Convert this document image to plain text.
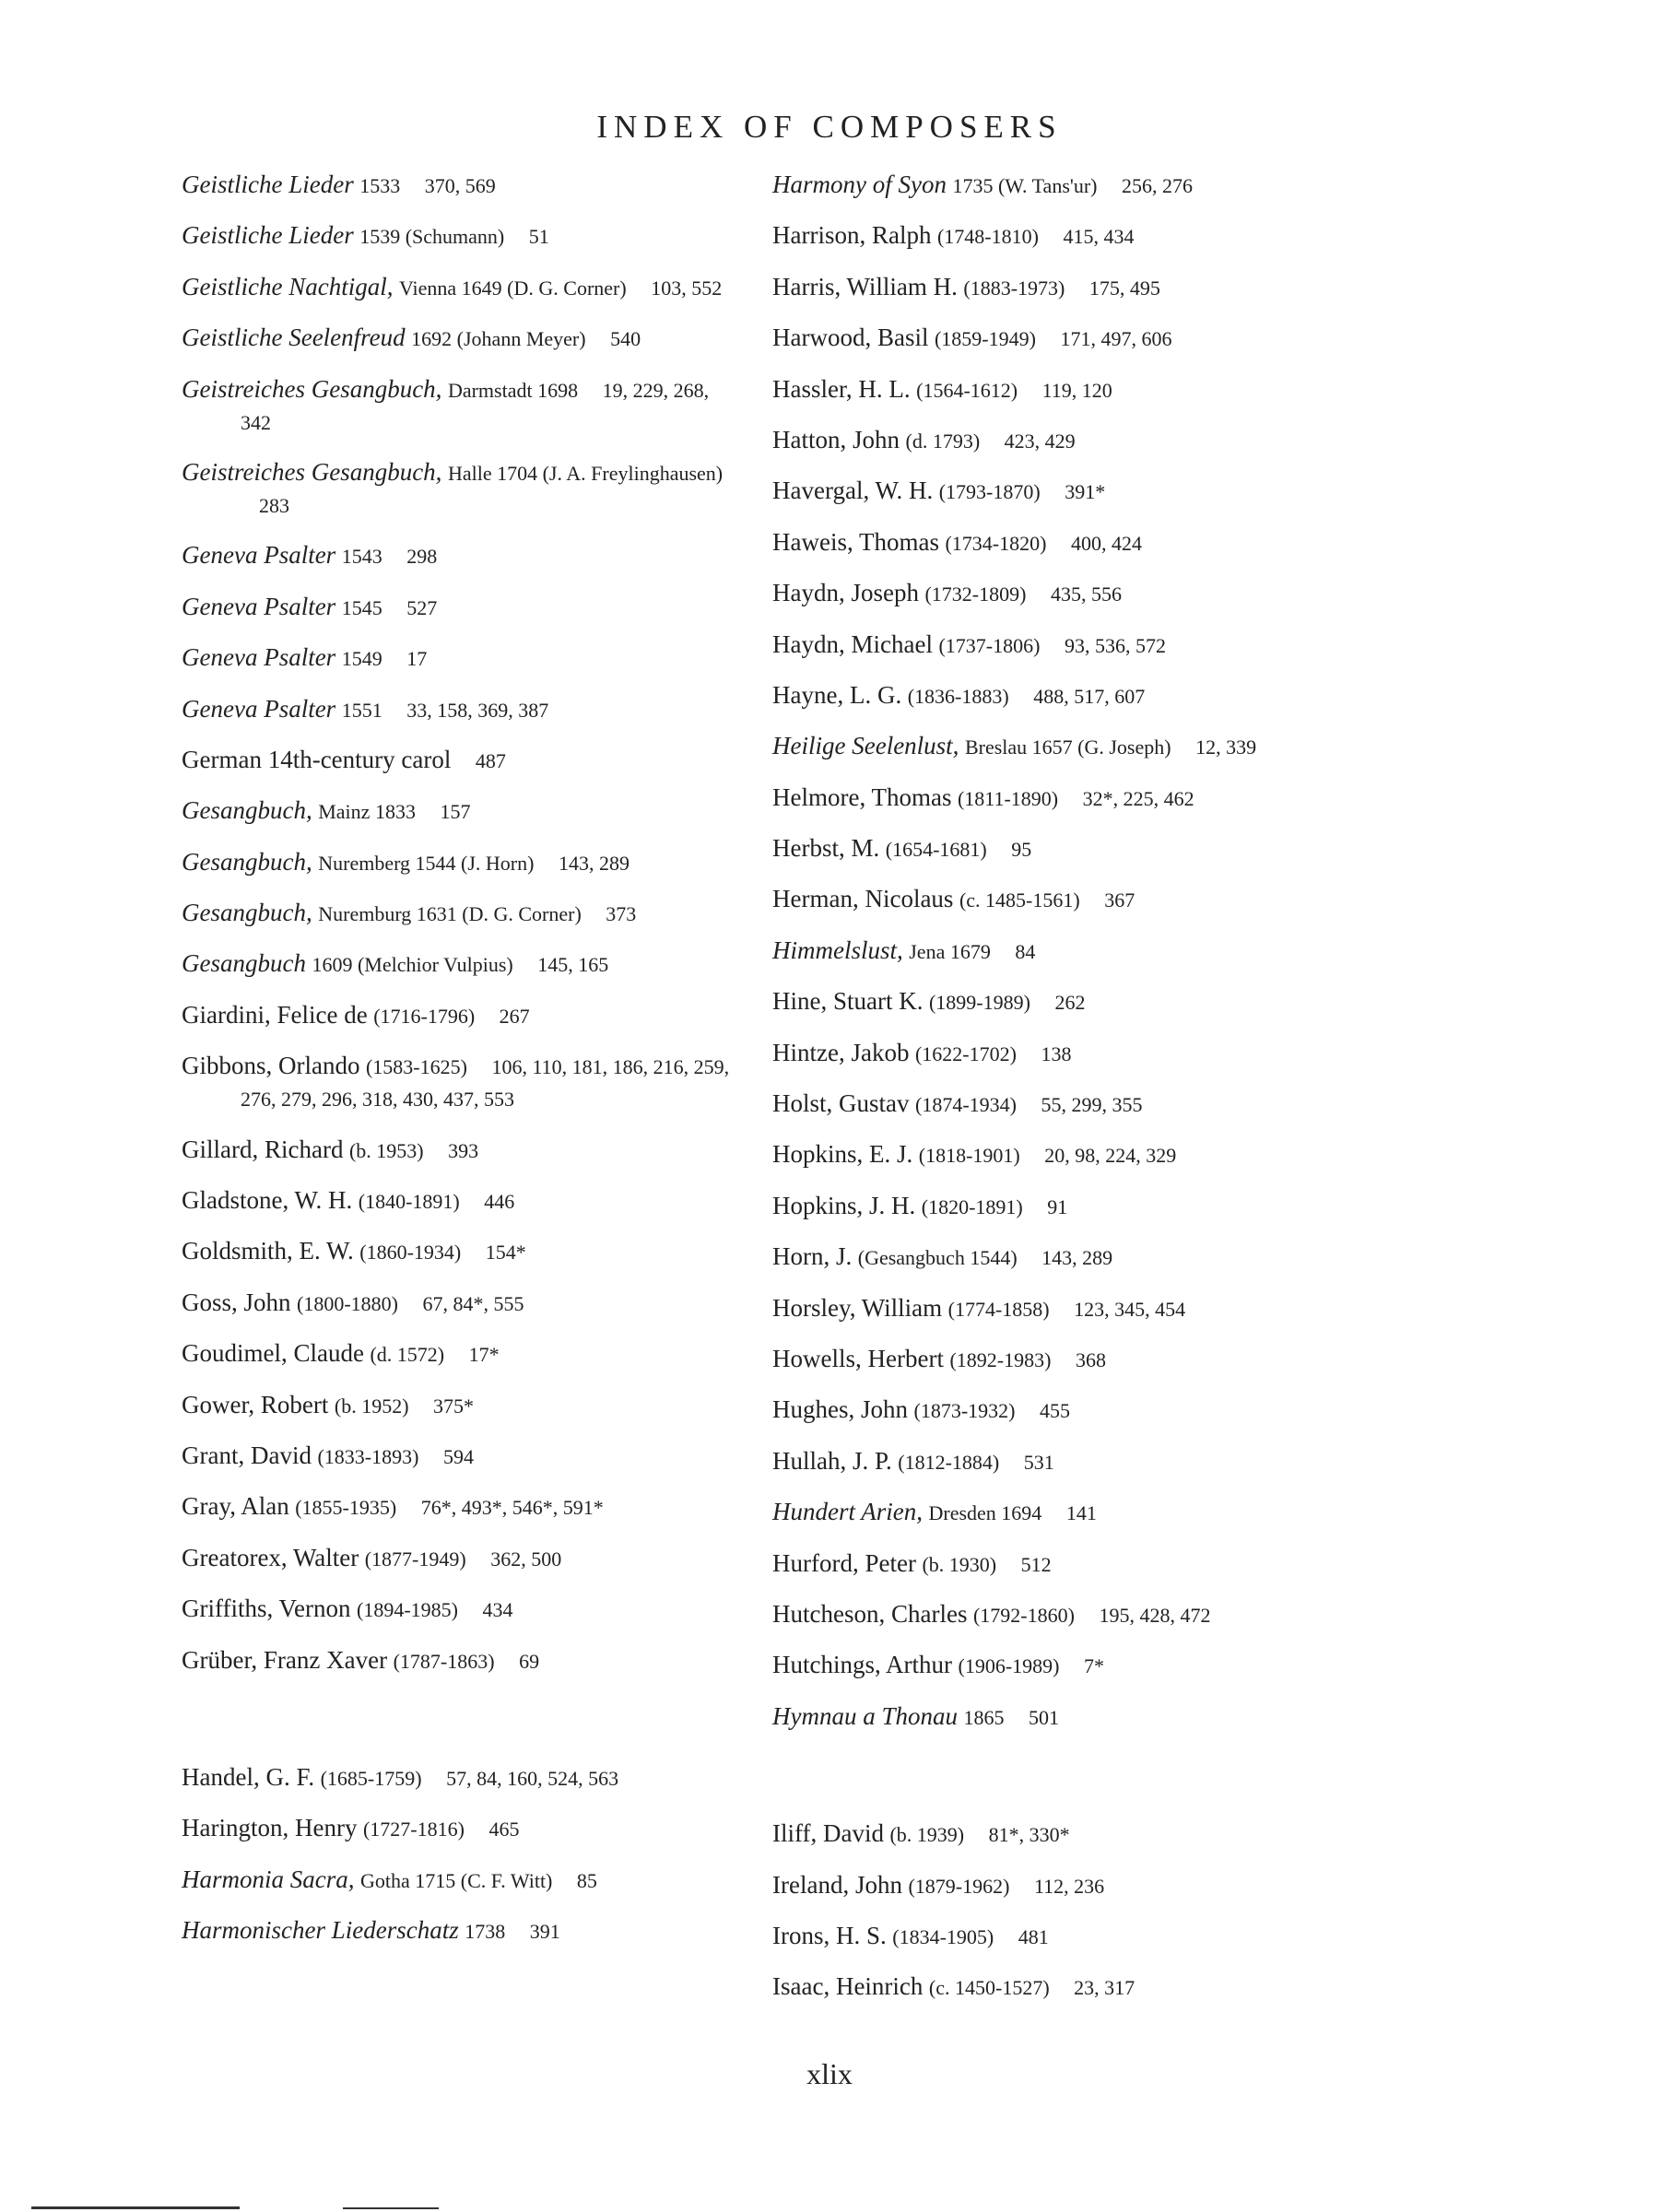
INDEX OF COMPOSERS
Geistliche Lieder 1533 370, 569
Geistliche Lieder 1539 (Schumann) 51
Geistliche Nachtigal, Vienna 1649 (D. G. Corner) 103, 552
Geistliche Seelenfreud 1692 (Johann Meyer) 540
Geistreiches Gesangbuch, Darmstadt 1698 19, 229, 268, 342
Geistreiches Gesangbuch, Halle 1704 (J. A. Freylinghausen) 283
Geneva Psalter 1543 298
Geneva Psalter 1545 527
Geneva Psalter 1549 17
Geneva Psalter 1551 33, 158, 369, 387
German 14th-century carol 487
Gesangbuch, Mainz 1833 157
Gesangbuch, Nuremberg 1544 (J. Horn) 143, 289
Gesangbuch, Nuremburg 1631 (D. G. Corner) 373
Gesangbuch 1609 (Melchior Vulpius) 145, 165
Giardini, Felice de (1716-1796) 267
Gibbons, Orlando (1583-1625) 106, 110, 181, 186, 216, 259, 276, 279, 296, 318, 430, 437, 553
Gillard, Richard (b. 1953) 393
Gladstone, W. H. (1840-1891) 446
Goldsmith, E. W. (1860-1934) 154*
Goss, John (1800-1880) 67, 84*, 555
Goudimel, Claude (d. 1572) 17*
Gower, Robert (b. 1952) 375*
Grant, David (1833-1893) 594
Gray, Alan (1855-1935) 76*, 493*, 546*, 591*
Greatorex, Walter (1877-1949) 362, 500
Griffiths, Vernon (1894-1985) 434
Grüber, Franz Xaver (1787-1863) 69
Handel, G. F. (1685-1759) 57, 84, 160, 524, 563
Harington, Henry (1727-1816) 465
Harmonia Sacra, Gotha 1715 (C. F. Witt) 85
Harmonischer Liederschatz 1738 391
Harmony of Syon 1735 (W. Tans'ur) 256, 276
Harrison, Ralph (1748-1810) 415, 434
Harris, William H. (1883-1973) 175, 495
Harwood, Basil (1859-1949) 171, 497, 606
Hassler, H. L. (1564-1612) 119, 120
Hatton, John (d. 1793) 423, 429
Havergal, W. H. (1793-1870) 391*
Haweis, Thomas (1734-1820) 400, 424
Haydn, Joseph (1732-1809) 435, 556
Haydn, Michael (1737-1806) 93, 536, 572
Hayne, L. G. (1836-1883) 488, 517, 607
Heilige Seelenlust, Breslau 1657 (G. Joseph) 12, 339
Helmore, Thomas (1811-1890) 32*, 225, 462
Herbst, M. (1654-1681) 95
Herman, Nicolaus (c. 1485-1561) 367
Himmelslust, Jena 1679 84
Hine, Stuart K. (1899-1989) 262
Hintze, Jakob (1622-1702) 138
Holst, Gustav (1874-1934) 55, 299, 355
Hopkins, E. J. (1818-1901) 20, 98, 224, 329
Hopkins, J. H. (1820-1891) 91
Horn, J. (Gesangbuch 1544) 143, 289
Horsley, William (1774-1858) 123, 345, 454
Howells, Herbert (1892-1983) 368
Hughes, John (1873-1932) 455
Hullah, J. P. (1812-1884) 531
Hundert Arien, Dresden 1694 141
Hurford, Peter (b. 1930) 512
Hutcheson, Charles (1792-1860) 195, 428, 472
Hutchings, Arthur (1906-1989) 7*
Hymnau a Thonau 1865 501
Iliff, David (b. 1939) 81*, 330*
Ireland, John (1879-1962) 112, 236
Irons, H. S. (1834-1905) 481
Isaac, Heinrich (c. 1450-1527) 23, 317
xlix
